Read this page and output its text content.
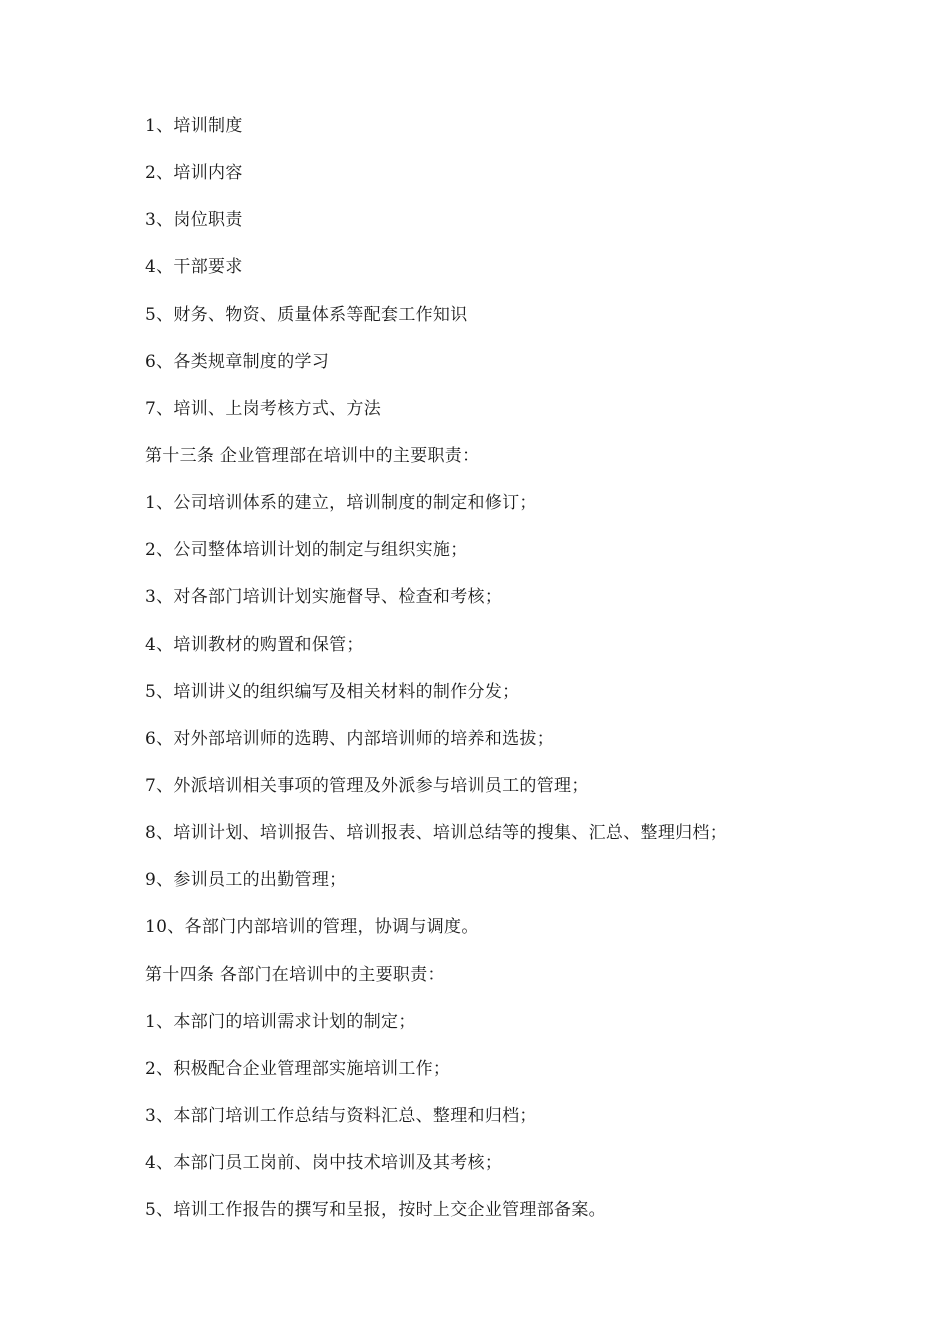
1、培训制度
2、培训内容
3、岗位职责
4、干部要求
5、财务、物资、质量体系等配套工作知识
6、各类规章制度的学习
7、培训、上岗考核方式、方法
第十三条 企业管理部在培训中的主要职责：
1、公司培训体系的建立，培训制度的制定和修订；
2、公司整体培训计划的制定与组织实施；
3、对各部门培训计划实施督导、检查和考核；
4、培训教材的购置和保管；
5、培训讲义的组织编写及相关材料的制作分发；
6、对外部培训师的选聘、内部培训师的培养和选拔；
7、外派培训相关事项的管理及外派参与培训员工的管理；
8、培训计划、培训报告、培训报表、培训总结等的搜集、汇总、整理归档；
9、参训员工的出勤管理；
10、各部门内部培训的管理，协调与调度。
第十四条 各部门在培训中的主要职责：
1、本部门的培训需求计划的制定；
2、积极配合企业管理部实施培训工作；
3、本部门培训工作总结与资料汇总、整理和归档；
4、本部门员工岗前、岗中技术培训及其考核；
5、培训工作报告的撰写和呈报，按时上交企业管理部备案。
